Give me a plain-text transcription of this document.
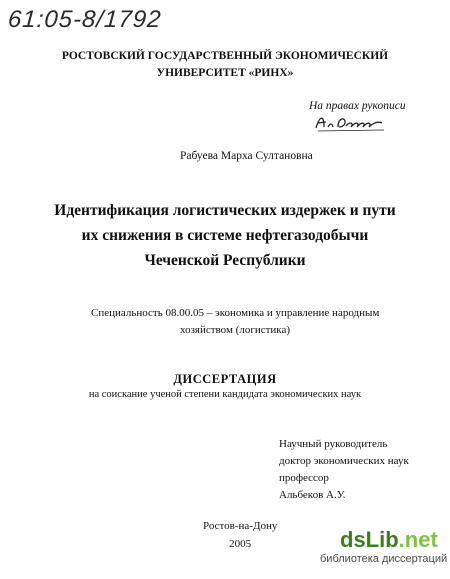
61:05-8/1792
РОСТОВСКИЙ ГОСУДАРСТВЕННЫЙ ЭКОНОМИЧЕСКИЙ
УНИВЕРСИТЕТ «РИНХ»
На правах рукописи
Рабуева Марха Султановна
Идентификация логистических издержек и пути
их снижения в системе нефтегазодобычи
Чеченской Республики
Специальность 08.00.05 – экономика и управление народным
хозяйством (логистика)
ДИССЕРТАЦИЯ
на соискание ученой степени кандидата экономических наук
Научный руководитель
доктор экономических наук
профессор
Альбеков А.У.
Ростов-на-Дону
2005	dsLib.net
библиотека диссертаций
